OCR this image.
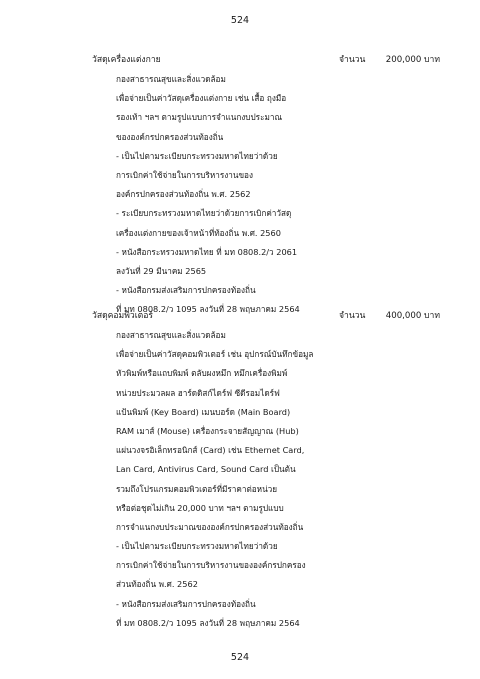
524
วัสดุเครื่องแต่งกาย	จำนวน 200,000 บาท
กองสาธารณสุขและสิ่งแวดล้อม
เพื่อจ่ายเป็นค่าวัสดุเครื่องแต่งกาย เช่น เสื้อ ถุงมือ
รองเท้า ฯลฯ ตามรูปแบบการจำแนกงบประมาณ
ขององค์กรปกครองส่วนท้องถิ่น
- เป็นไปตามระเบียบกระทรวงมหาดไทยว่าด้วย
การเบิกค่าใช้จ่ายในการบริหารงานของ
องค์กรปกครองส่วนท้องถิ่น พ.ศ. 2562
- ระเบียบกระทรวงมหาดไทยว่าด้วยการเบิกค่าวัสดุ
เครื่องแต่งกายของเจ้าหน้าที่ท้องถิ่น พ.ศ. 2560
- หนังสือกระทรวงมหาดไทย ที่ มท 0808.2/ว 2061
ลงวันที่ 29 มีนาคม 2565
- หนังสือกรมส่งเสริมการปกครองท้องถิ่น
ที่ มท 0808.2/ว 1095 ลงวันที่ 28 พฤษภาคม 2564
วัสดุคอมพิวเตอร์	จำนวน 400,000 บาท
กองสาธารณสุขและสิ่งแวดล้อม
เพื่อจ่ายเป็นค่าวัสดุคอมพิวเตอร์ เช่น อุปกรณ์บันทึกข้อมูล
หัวพิมพ์หรือแถบพิมพ์ ตลับผงหมึก หมึกเครื่องพิมพ์
หน่วยประมวลผล ฮาร์ดดิสก์ไดร์ฟ ซีดีรอมไดร์ฟ
แป้นพิมพ์ (Key Board) เมนบอร์ด (Main Board)
RAM เมาส์ (Mouse) เครื่องกระจายสัญญาณ (Hub)
แผ่นวงจรอิเล็กทรอนิกส์ (Card) เช่น Ethernet Card,
Lan Card, Antivirus Card, Sound Card เป็นต้น
รวมถึงโปรแกรมคอมพิวเตอร์ที่มีราคาต่อหน่วย
หรือต่อชุดไม่เกิน 20,000 บาท ฯลฯ ตามรูปแบบ
การจำแนกงบประมาณขององค์กรปกครองส่วนท้องถิ่น
- เป็นไปตามระเบียบกระทรวงมหาดไทยว่าด้วย
การเบิกค่าใช้จ่ายในการบริหารงานขององค์กรปกครอง
ส่วนท้องถิ่น พ.ศ. 2562
- หนังสือกรมส่งเสริมการปกครองท้องถิ่น
ที่ มท 0808.2/ว 1095 ลงวันที่ 28 พฤษภาคม 2564
524
